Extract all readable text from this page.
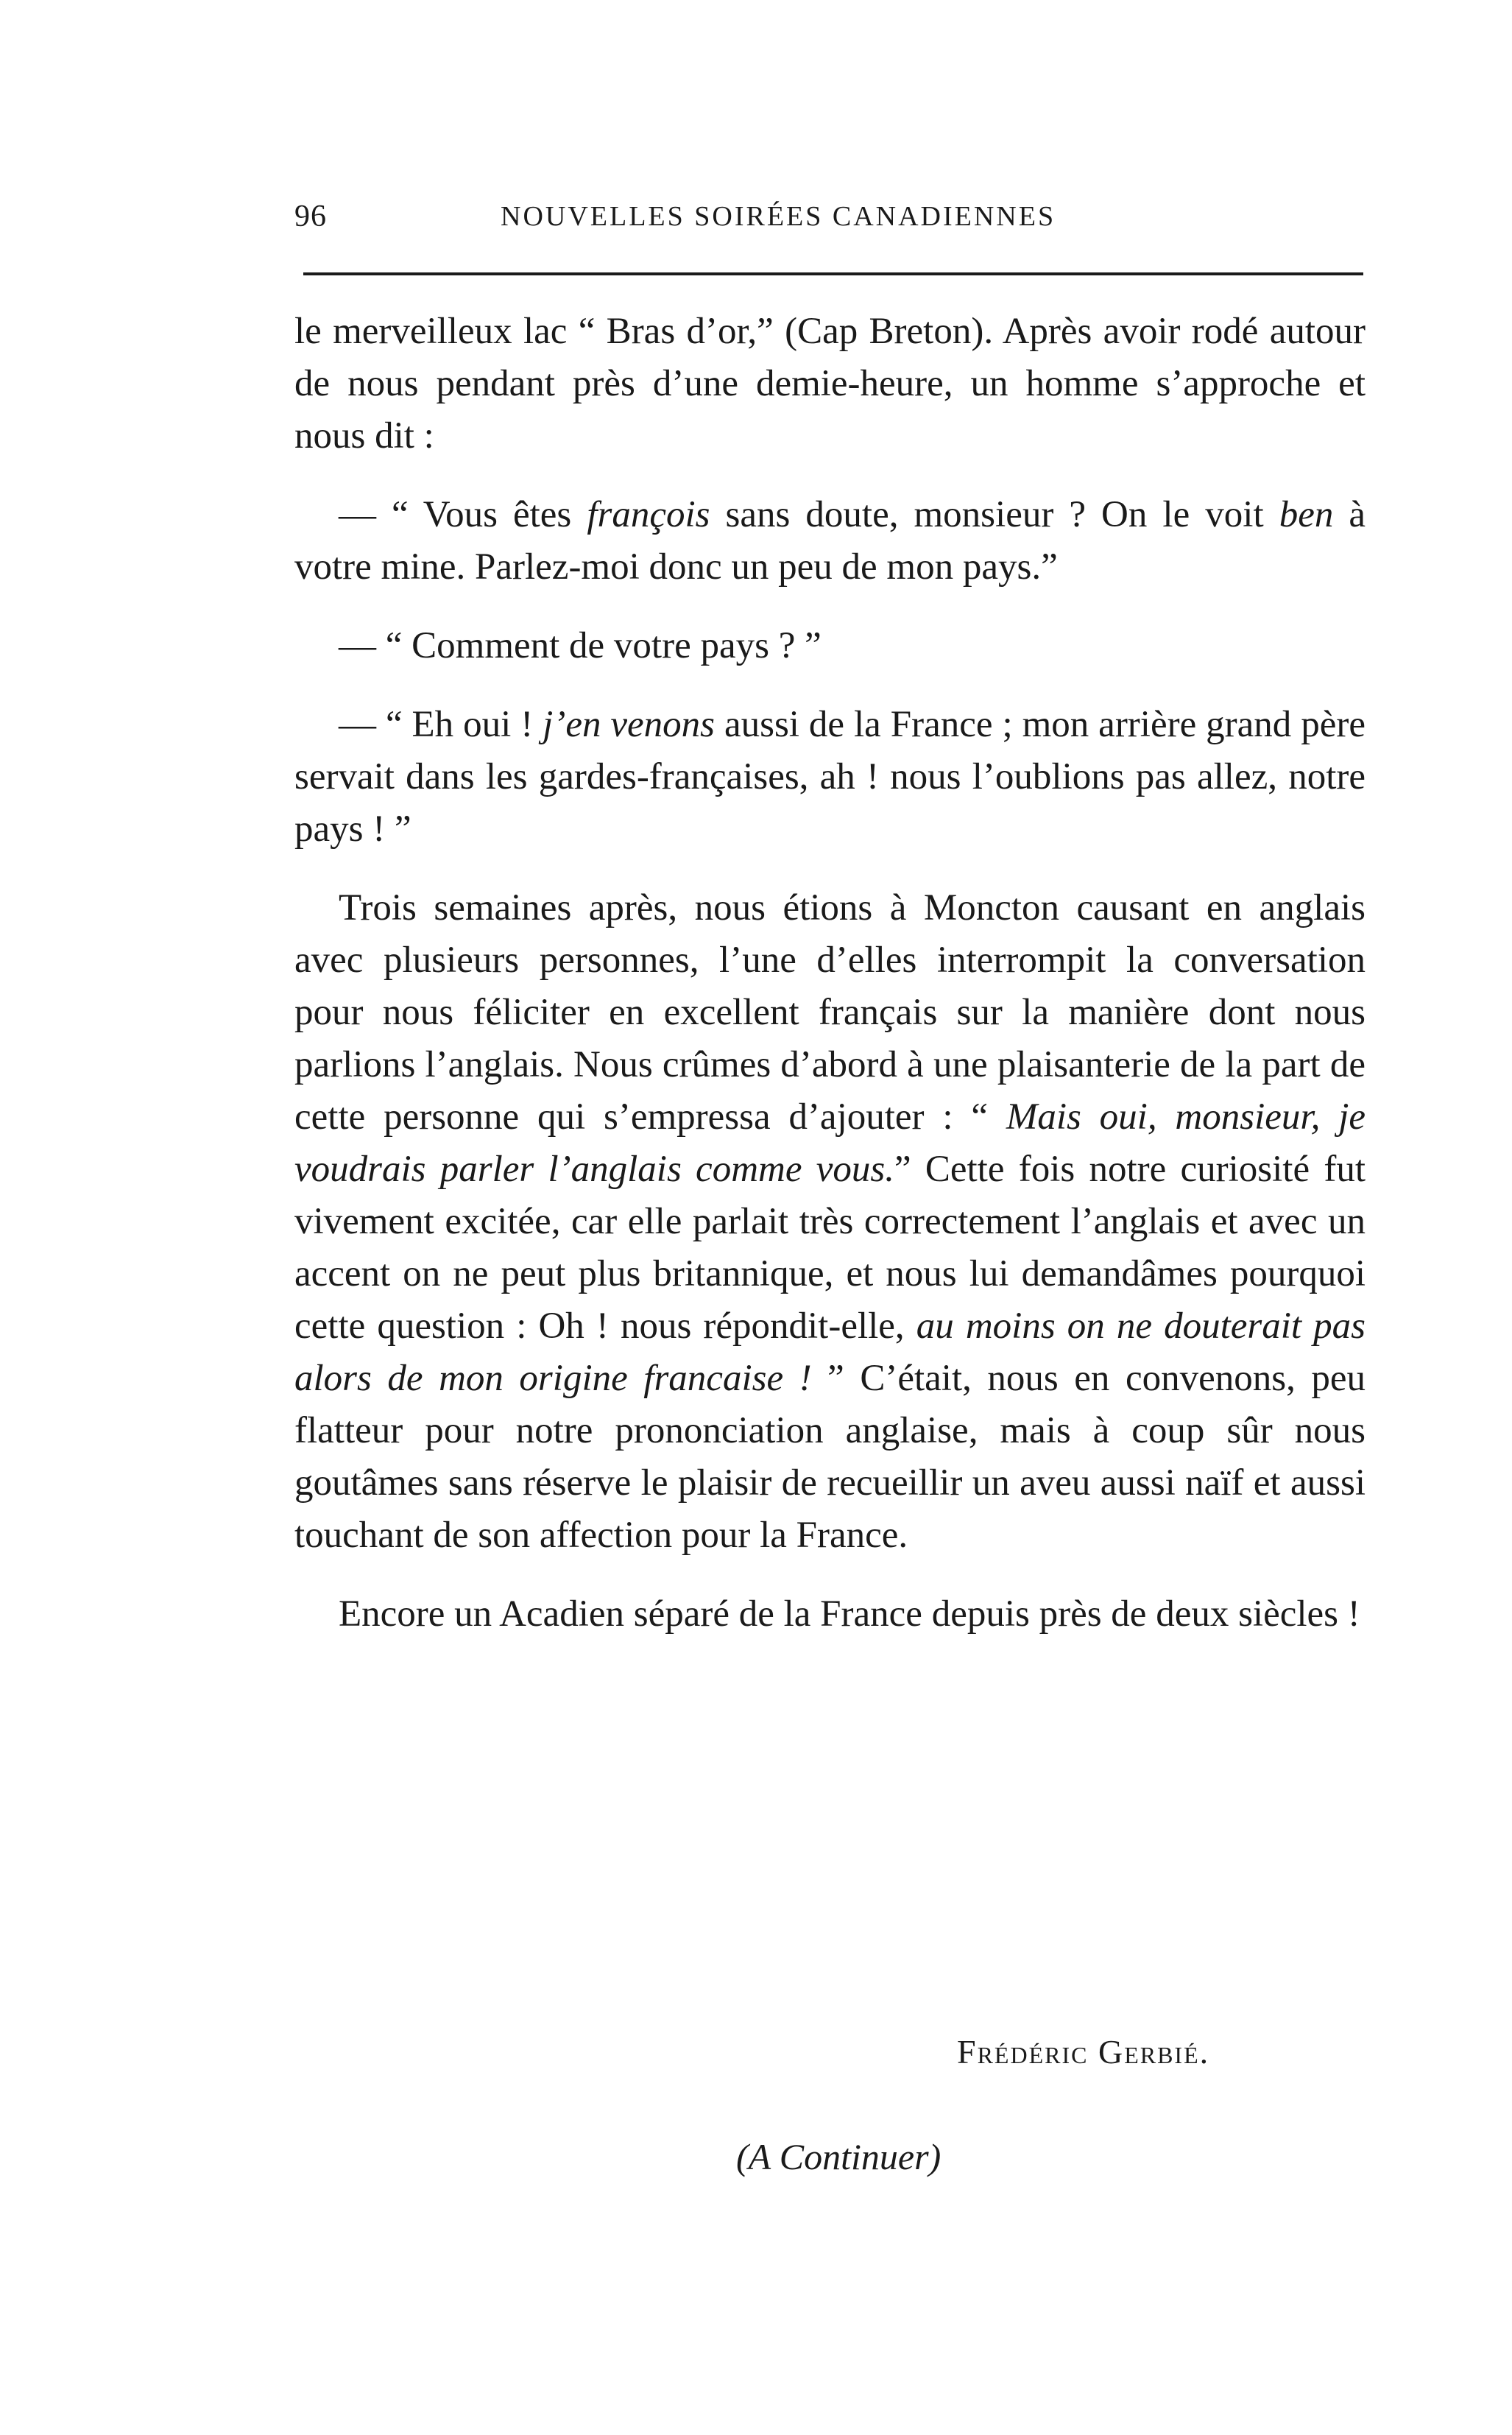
96	NOUVELLES SOIRÉES CANADIENNES

le merveilleux lac “ Bras d’or,” (Cap Breton). Après avoir rodé autour de nous pendant près d’une demie-heure, un homme s’approche et nous dit :

— “ Vous êtes françois sans doute, monsieur ? On le voit ben à votre mine. Parlez-moi donc un peu de mon pays.”

— “ Comment de votre pays ? ”

— “ Eh oui ! j’en venons aussi de la France ; mon arrière grand père servait dans les gardes-françaises, ah ! nous l’oublions pas allez, notre pays ! ”

Trois semaines après, nous étions à Moncton causant en anglais avec plusieurs personnes, l’une d’elles interrompit la conversation pour nous féliciter en excellent français sur la manière dont nous parlions l’anglais. Nous crûmes d’abord à une plaisanterie de la part de cette personne qui s’empressa d’ajouter : “ Mais oui, monsieur, je voudrais parler l’anglais comme vous.” Cette fois notre curiosité fut vivement excitée, car elle parlait très correctement l’anglais et avec un accent on ne peut plus britannique, et nous lui demandâmes pourquoi cette question : Oh ! nous répondit-elle, au moins on ne douterait pas alors de mon origine francaise ! ” C’était, nous en convenons, peu flatteur pour notre prononciation anglaise, mais à coup sûr nous goutâmes sans réserve le plaisir de recueillir un aveu aussi naïf et aussi touchant de son affection pour la France.

Encore un Acadien séparé de la France depuis près de deux siècles !

Frédéric Gerbié.
(A Continuer)
